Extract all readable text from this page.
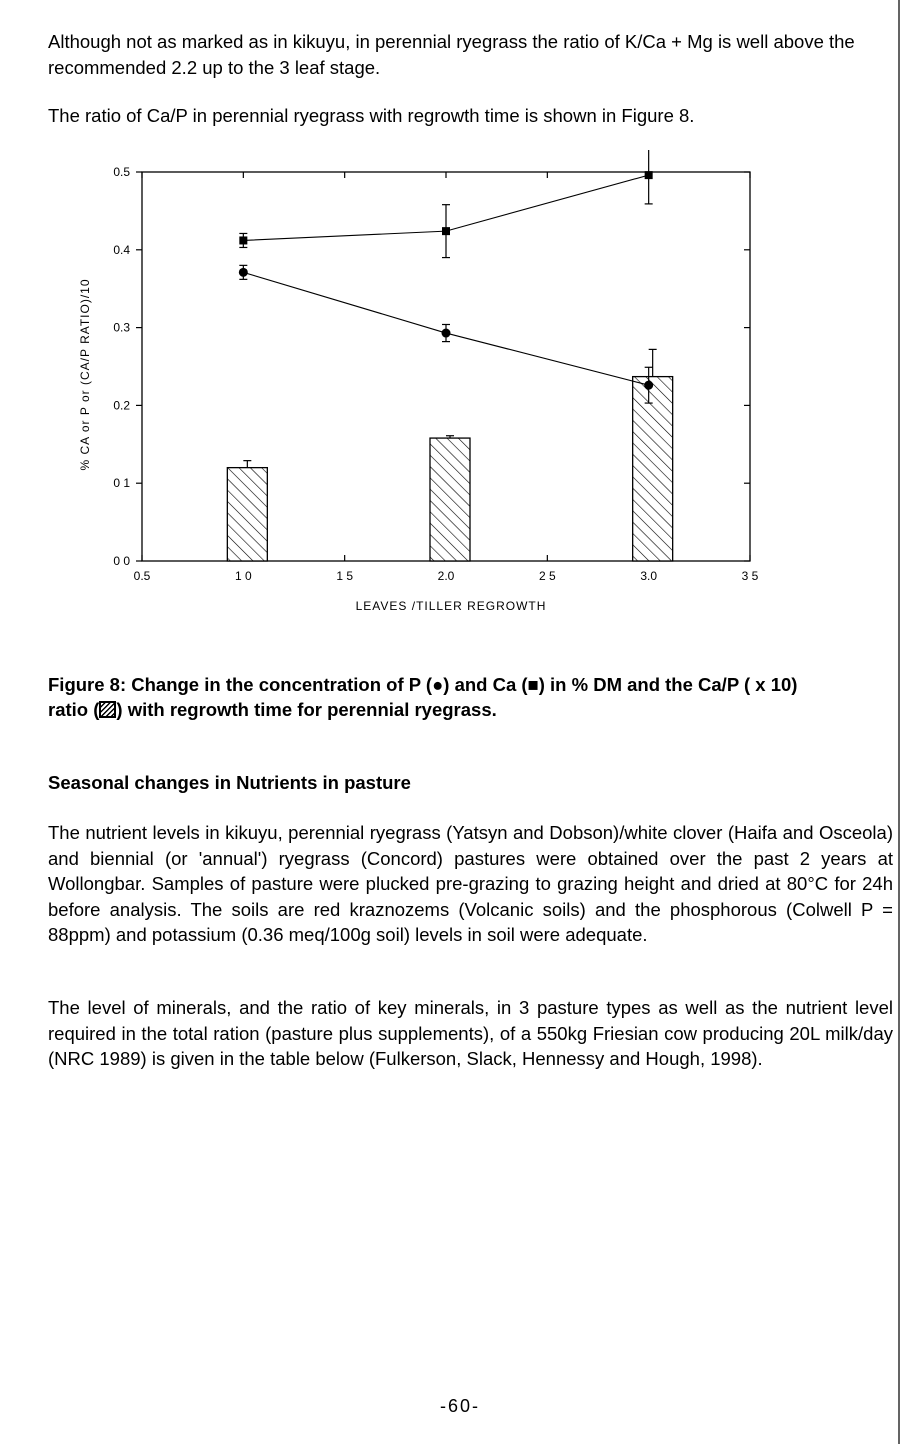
Although not as marked as in kikuyu, in perennial ryegrass the ratio of K/Ca + Mg is well above the recommended 2.2 up to the 3 leaf stage.

The ratio of Ca/P in perennial ryegrass with regrowth time is shown in Figure 8.

0 0
0 1
0.2
0.3
0.4
0.5
0.5	1 0	1 5	2.0	2 5	3.0	3 5
LEAVES /TILLER REGROWTH
% CA or P or (CA/P RATIO)/10

Figure 8: Change in the concentration of P (●) and Ca (■) in % DM and the Ca/P ( x 10)
ratio ( ) with regrowth time for perennial ryegrass.

Seasonal changes in Nutrients in pasture

The nutrient levels in kikuyu, perennial ryegrass (Yatsyn and Dobson)/white clover (Haifa and Osceola) and biennial (or 'annual') ryegrass (Concord) pastures were obtained over the past 2 years at Wollongbar. Samples of pasture were plucked pre-grazing to grazing height and dried at 80°C for 24h before analysis. The soils are red kraznozems (Volcanic soils) and the phosphorous (Colwell P = 88ppm) and potassium (0.36 meq/100g soil) levels in soil were adequate.

The level of minerals, and the ratio of key minerals, in 3 pasture types as well as the nutrient level required in the total ration (pasture plus supplements), of a 550kg Friesian cow producing 20L milk/day (NRC 1989) is given in the table below (Fulkerson, Slack, Hennessy and Hough, 1998).

-60-
